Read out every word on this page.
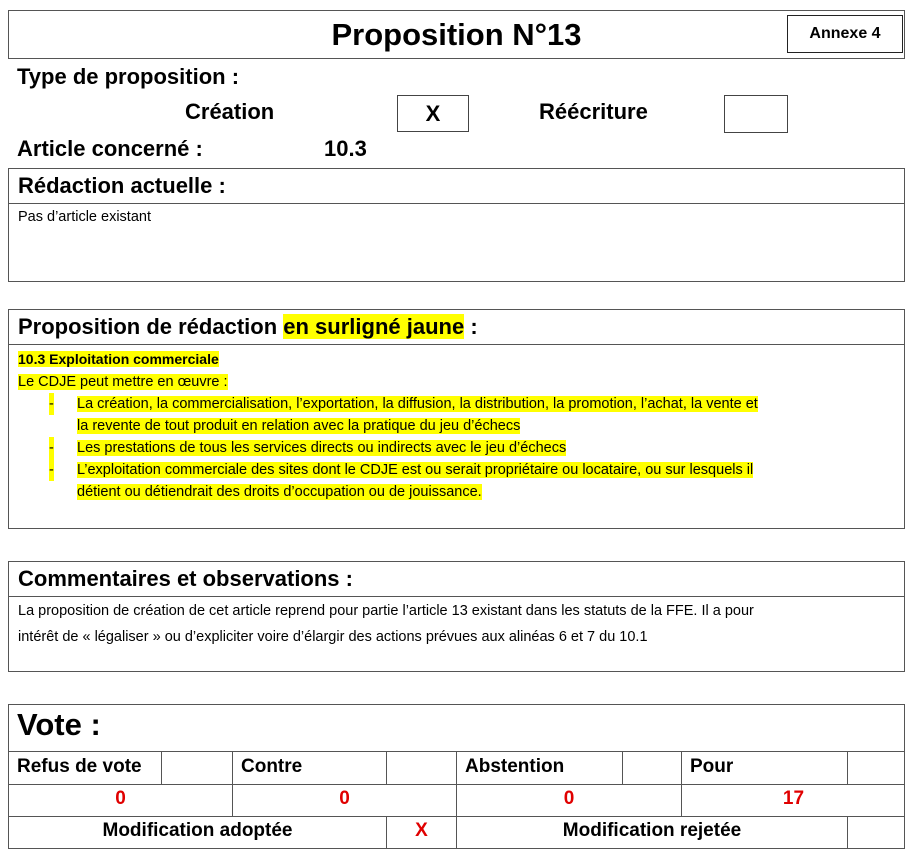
Proposition N°13	Annexe 4
Type de proposition :
Création	X	Réécriture
Article concerné :	10.3
Rédaction actuelle :
Pas d’article existant
Proposition de rédaction en surligné jaune :
10.3 Exploitation commerciale
Le CDJE peut mettre en œuvre :
- La création, la commercialisation, l’exportation, la diffusion, la distribution, la promotion, l’achat, la vente et
la revente de tout produit en relation avec la pratique du jeu d’échecs
- Les prestations de tous les services directs ou indirects avec le jeu d’échecs
- L’exploitation commerciale des sites dont le CDJE est ou serait propriétaire ou locataire, ou sur lesquels il
détient ou détiendrait des droits d’occupation ou de jouissance.
Commentaires et observations :
La proposition de création de cet article reprend pour partie l’article 13 existant dans les statuts de la FFE. Il a pour
intérêt de « légaliser » ou d’expliciter voire d’élargir des actions prévues aux alinéas 6 et 7 du 10.1
Vote :
Refus de vote	Contre	Abstention	Pour
0	0	0	17
Modification adoptée	X	Modification rejetée
